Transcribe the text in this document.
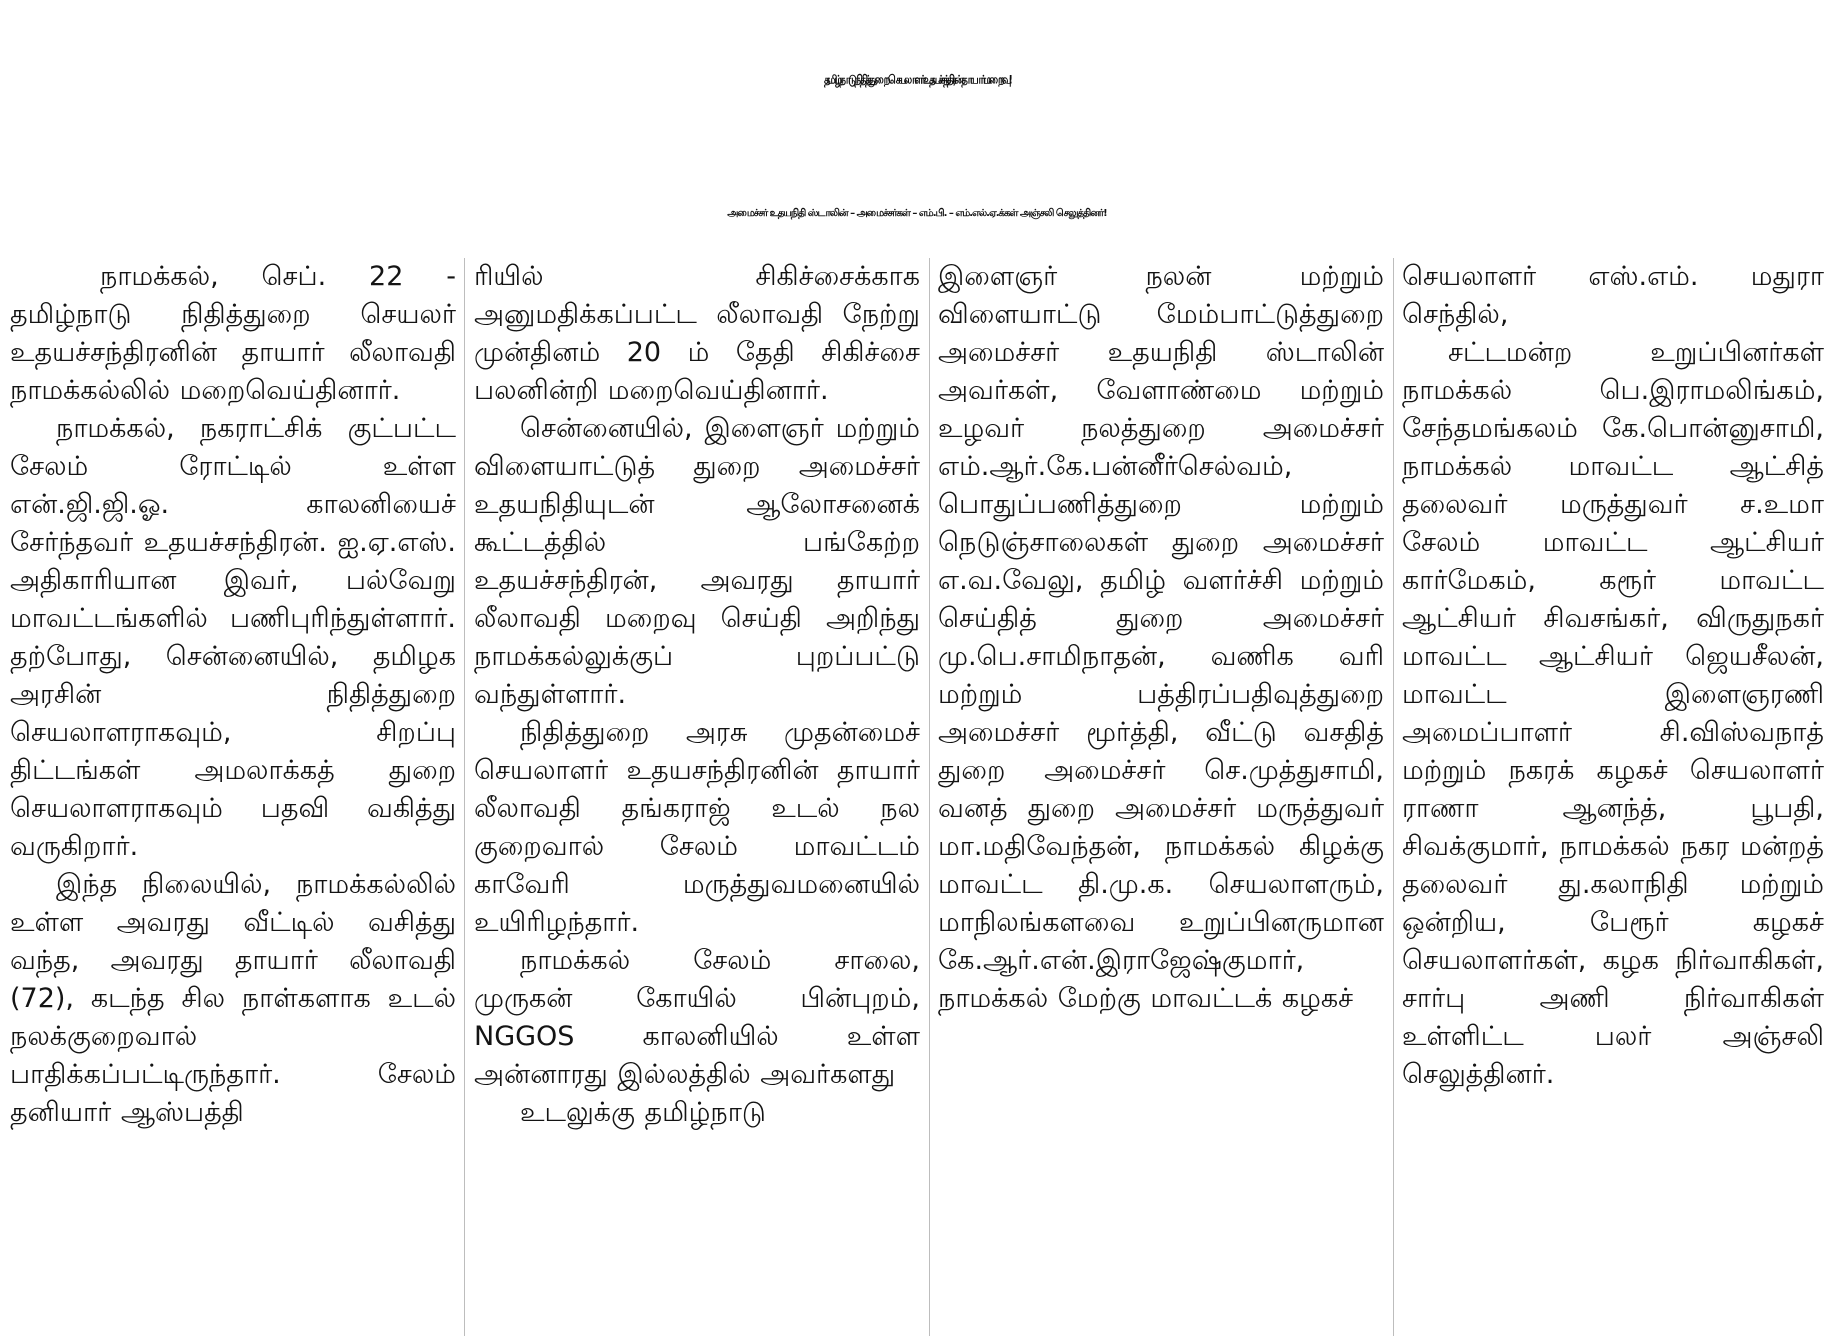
தமிழ்நாடு நிதித்துறை செயலாளர் உதயச்சந்திரன் தாயார் மறைவு!
அமைச்சர் உதயநிதி ஸ்டாலின் – அமைச்சர்கள் – எம்.பி. – எம்.எல்.ஏ.க்கள் அஞ்சலி செலுத்தினர்!

நாமக்கல், செப். 22 - தமிழ்நாடு நிதித்துறை செயலர் உதயச்சந்திரனின் தாயார் லீலாவதி நாமக்கல்லில் மறைவெய்தினார்.

நாமக்கல், நகராட்சிக் குட்பட்ட சேலம் ரோட்டில் உள்ள என்.ஜி.ஜி.ஓ. காலனியைச் சேர்ந்தவர் உதயச்சந்திரன். ஐ.ஏ.எஸ். அதிகாரியான இவர், பல்வேறு மாவட்டங்களில் பணிபுரிந்துள்ளார். தற்போது, சென்னையில், தமிழக அரசின் நிதித்துறை செயலாளராகவும், சிறப்பு திட்டங்கள் அமலாக்கத் துறை செயலாளராகவும் பதவி வகித்து வருகிறார்.

இந்த நிலையில், நாமக்கல்லில் உள்ள அவரது வீட்டில் வசித்து வந்த, அவரது தாயார் லீலாவதி (72), கடந்த சில நாள்களாக உடல் நலக்குறைவால் பாதிக்கப்பட்டிருந்தார். சேலம் தனியார் ஆஸ்பத்தி

ரியில் சிகிச்சைக்காக அனுமதிக்கப்பட்ட லீலாவதி நேற்று முன்தினம் 20 ம் தேதி சிகிச்சை பலனின்றி மறைவெய்தினார்.

சென்னையில், இளைஞர் மற்றும் விளையாட்டுத் துறை அமைச்சர் உதயநிதியுடன் ஆலோசனைக் கூட்டத்தில் பங்கேற்ற உதயச்சந்திரன், அவரது தாயார் லீலாவதி மறைவு செய்தி அறிந்து நாமக்கல்லுக்குப் புறப்பட்டு வந்துள்ளார்.

நிதித்துறை அரசு முதன்மைச் செயலாளர் உதயசந்திரனின் தாயார் லீலாவதி தங்கராஜ் உடல் நல குறைவால் சேலம் மாவட்டம் காவேரி மருத்துவமனையில் உயிரிழந்தார்.

நாமக்கல் சேலம் சாலை, முருகன் கோயில் பின்புறம், NGGOS காலனியில் உள்ள அன்னாரது இல்லத்தில் அவர்களது

உடலுக்கு தமிழ்நாடு

இளைஞர் நலன் மற்றும் விளையாட்டு மேம்பாட்டுத்துறை அமைச்சர் உதயநிதி ஸ்டாலின் அவர்கள், வேளாண்மை மற்றும் உழவர் நலத்துறை அமைச்சர் எம்.ஆர்.கே.பன்னீர்செல்வம், பொதுப்பணித்துறை மற்றும் நெடுஞ்சாலைகள் துறை அமைச்சர் எ.வ.வேலு, தமிழ் வளர்ச்சி மற்றும் செய்தித் துறை அமைச்சர் மு.பெ.சாமிநாதன், வணிக வரி மற்றும் பத்திரப்பதிவுத்துறை அமைச்சர் மூர்த்தி, வீட்டு வசதித் துறை அமைச்சர் செ.முத்துசாமி, வனத் துறை அமைச்சர் மருத்துவர் மா.மதிவேந்தன், நாமக்கல் கிழக்கு மாவட்ட தி.மு.க. செயலாளரும், மாநிலங்களவை உறுப்பினருமான கே.ஆர்.என்.இராஜேஷ்குமார், நாமக்கல் மேற்கு மாவட்டக் கழகச்

செயலாளர் எஸ்.எம். மதுரா செந்தில்,

சட்டமன்ற உறுப்பினர்கள் நாமக்கல் பெ.இராமலிங்கம், சேந்தமங்கலம் கே.பொன்னுசாமி, நாமக்கல் மாவட்ட ஆட்சித் தலைவர் மருத்துவர் ச.உமா சேலம் மாவட்ட ஆட்சியர் கார்மேகம், கரூர் மாவட்ட ஆட்சியர் சிவசங்கர், விருதுநகர் மாவட்ட ஆட்சியர் ஜெயசீலன், மாவட்ட இளைஞரணி அமைப்பாளர் சி.விஸ்வநாத் மற்றும் நகரக் கழகச் செயலாளர் ராணா ஆனந்த், பூபதி, சிவக்குமார், நாமக்கல் நகர மன்றத் தலைவர் து.கலாநிதி மற்றும் ஒன்றிய, பேரூர் கழகச் செயலாளர்கள், கழக நிர்வாகிகள், சார்பு அணி நிர்வாகிகள் உள்ளிட்ட பலர் அஞ்சலி செலுத்தினர்.
